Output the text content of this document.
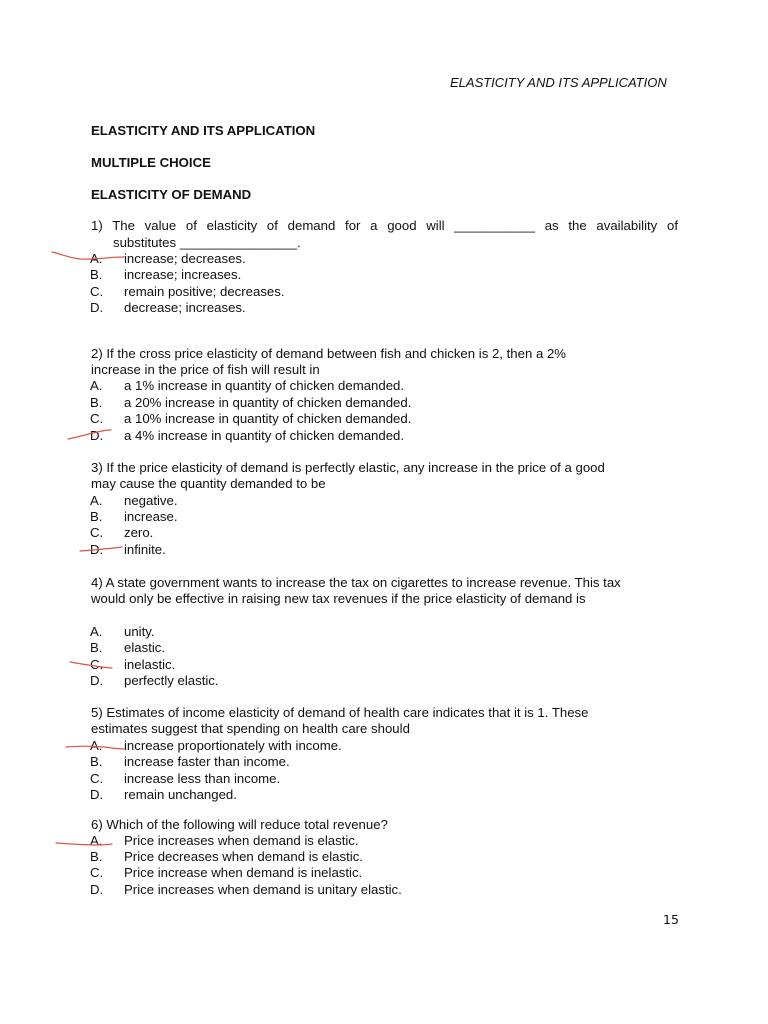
ELASTICITY AND ITS APPLICATION
ELASTICITY AND ITS APPLICATION
MULTIPLE CHOICE
ELASTICITY OF DEMAND
1) The value of elasticity of demand for a good will ___________ as the availability of
substitutes ________________.
A. increase; decreases.
B. increase; increases.
C. remain positive; decreases.
D. decrease; increases.
2) If the cross price elasticity of demand between fish and chicken is 2, then a 2% increase in the price of fish will result in
A. a 1% increase in quantity of chicken demanded.
B. a 20% increase in quantity of chicken demanded.
C. a 10% increase in quantity of chicken demanded.
D. a 4% increase in quantity of chicken demanded.
3) If the price elasticity of demand is perfectly elastic, any increase in the price of a good may cause the quantity demanded to be
A. negative.
B. increase.
C. zero.
D. infinite.
4) A state government wants to increase the tax on cigarettes to increase revenue. This tax would only be effective in raising new tax revenues if the price elasticity of demand is
A. unity.
B. elastic.
C. inelastic.
D. perfectly elastic.
5) Estimates of income elasticity of demand of health care indicates that it is 1. These estimates suggest that spending on health care should
A. increase proportionately with income.
B. increase faster than income.
C. increase less than income.
D. remain unchanged.
6) Which of the following will reduce total revenue?
A. Price increases when demand is elastic.
B. Price decreases when demand is elastic.
C. Price increase when demand is inelastic.
D. Price increases when demand is unitary elastic.
15
